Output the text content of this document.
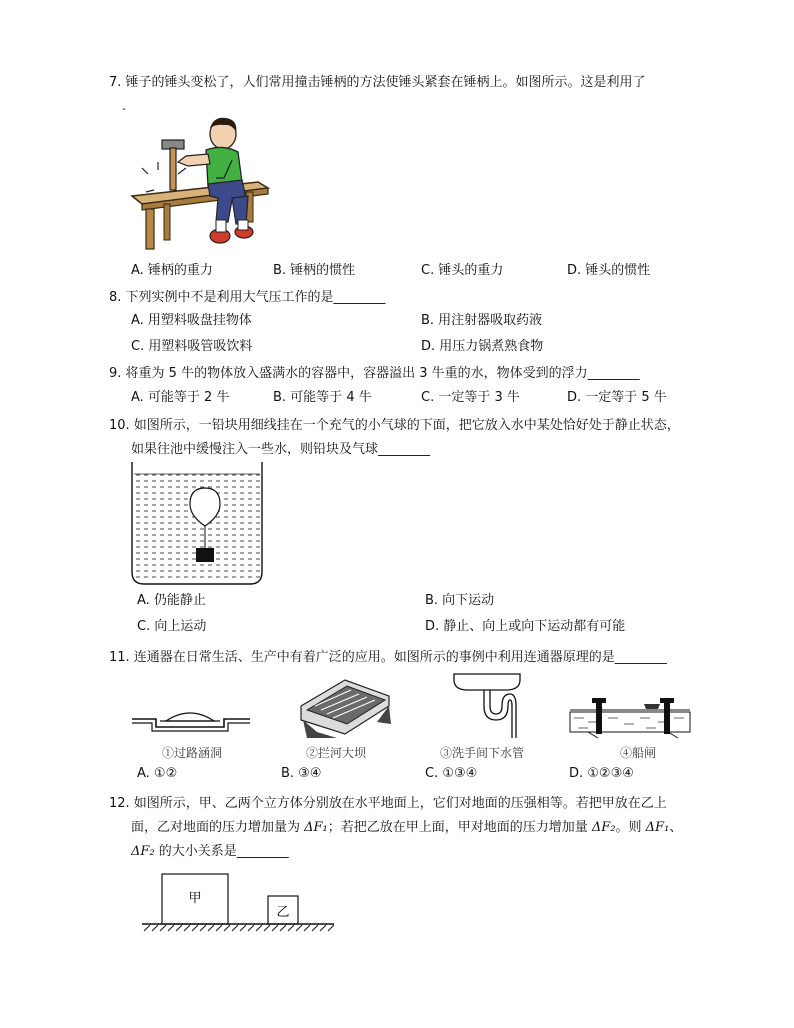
7. 锤子的锤头变松了，人们常用撞击锤柄的方法使锤头紧套在锤柄上。如图所示。这是利用了
-
A. 锤柄的重力	B. 锤柄的惯性	C. 锤头的重力	D. 锤头的惯性
8. 下列实例中不是利用大气压工作的是________
A. 用塑料吸盘挂物体	B. 用注射器吸取药液
C. 用塑料吸管吸饮料	D. 用压力锅煮熟食物
9. 将重为 5 牛的物体放入盛满水的容器中，容器溢出 3 牛重的水，物体受到的浮力________
A. 可能等于 2 牛	B. 可能等于 4 牛	C. 一定等于 3 牛	D. 一定等于 5 牛
10. 如图所示，一铅块用细线挂在一个充气的小气球的下面，把它放入水中某处恰好处于静止状态，
如果往池中缓慢注入一些水，则铅块及气球________
A. 仍能静止	B. 向下运动
C. 向上运动	D. 静止、向上或向下运动都有可能
11. 连通器在日常生活、生产中有着广泛的应用。如图所示的事例中利用连通器原理的是________
①过路涵洞	②拦河大坝	③洗手间下水管	④船闸
A. ①②	B. ③④	C. ①③④	D. ①②③④
12. 如图所示，甲、乙两个立方体分别放在水平地面上，它们对地面的压强相等。若把甲放在乙上
面，乙对地面的压力增加量为 ΔF₁；若把乙放在甲上面，甲对地面的压力增加量 ΔF₂。则 ΔF₁、
ΔF₂ 的大小关系是________
甲
乙
